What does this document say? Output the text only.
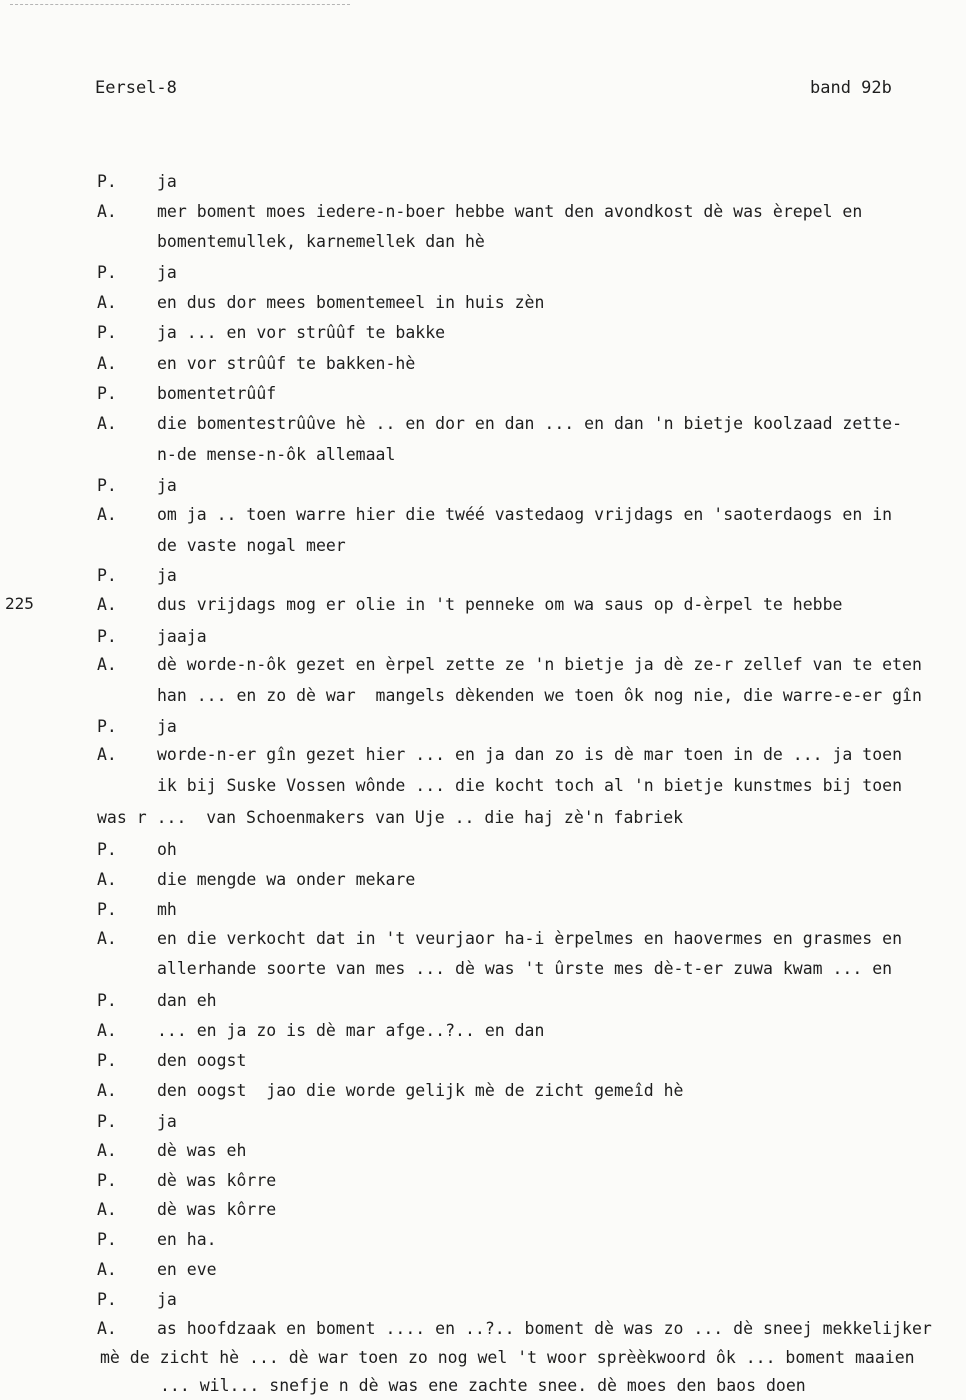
Eersel-8	band 92b
225
P. ja
A. mer boment moes iedere-n-boer hebbe want den avondkost dè was èrepel en
bomentemullek, karnemellek dan hè
P. ja
A. en dus dor mees bomentemeel in huis zèn
P. ja ... en vor strûûf te bakke
A. en vor strûûf te bakken-hè
P. bomentetrûûf
A. die bomentestrûûve hè .. en dor en dan ... en dan 'n bietje koolzaad zette-
n-de mense-n-ôk allemaal
P. ja
A. om ja .. toen warre hier die twéé vastedaog vrijdags en 'saoterdaogs en in
de vaste nogal meer
P. ja
A. dus vrijdags mog er olie in 't penneke om wa saus op d-èrpel te hebbe
P. jaaja
A. dè worde-n-ôk gezet en èrpel zette ze 'n bietje ja dè ze-r zellef van te eten
han ... en zo dè war  mangels dèkenden we toen ôk nog nie, die warre-e-er gîn
P. ja
A. worde-n-er gîn gezet hier ... en ja dan zo is dè mar toen in de ... ja toen
ik bij Suske Vossen wônde ... die kocht toch al 'n bietje kunstmes bij toen
was r ...  van Schoenmakers van Uje .. die haj zè'n fabriek
P. oh
A. die mengde wa onder mekare
P. mh
A. en die verkocht dat in 't veurjaor ha-i èrpelmes en haovermes en grasmes en
allerhande soorte van mes ... dè was 't ûrste mes dè-t-er zuwa kwam ... en
P. dan eh
A. ... en ja zo is dè mar afge..?.. en dan
P. den oogst
A. den oogst  jao die worde gelijk mè de zicht gemeîd hè
P. ja
A. dè was eh
P. dè was kôrre
A. dè was kôrre
P. en ha.
A. en eve
P. ja
A. as hoofdzaak en boment .... en ..?.. boment dè was zo ... dè sneej mekkelijker
mè de zicht hè ... dè war toen zo nog wel 't woor sprèèkwoord ôk ... boment maaien
... wil... snefje n dè was ene zachte snee. dè moes den baos doen
